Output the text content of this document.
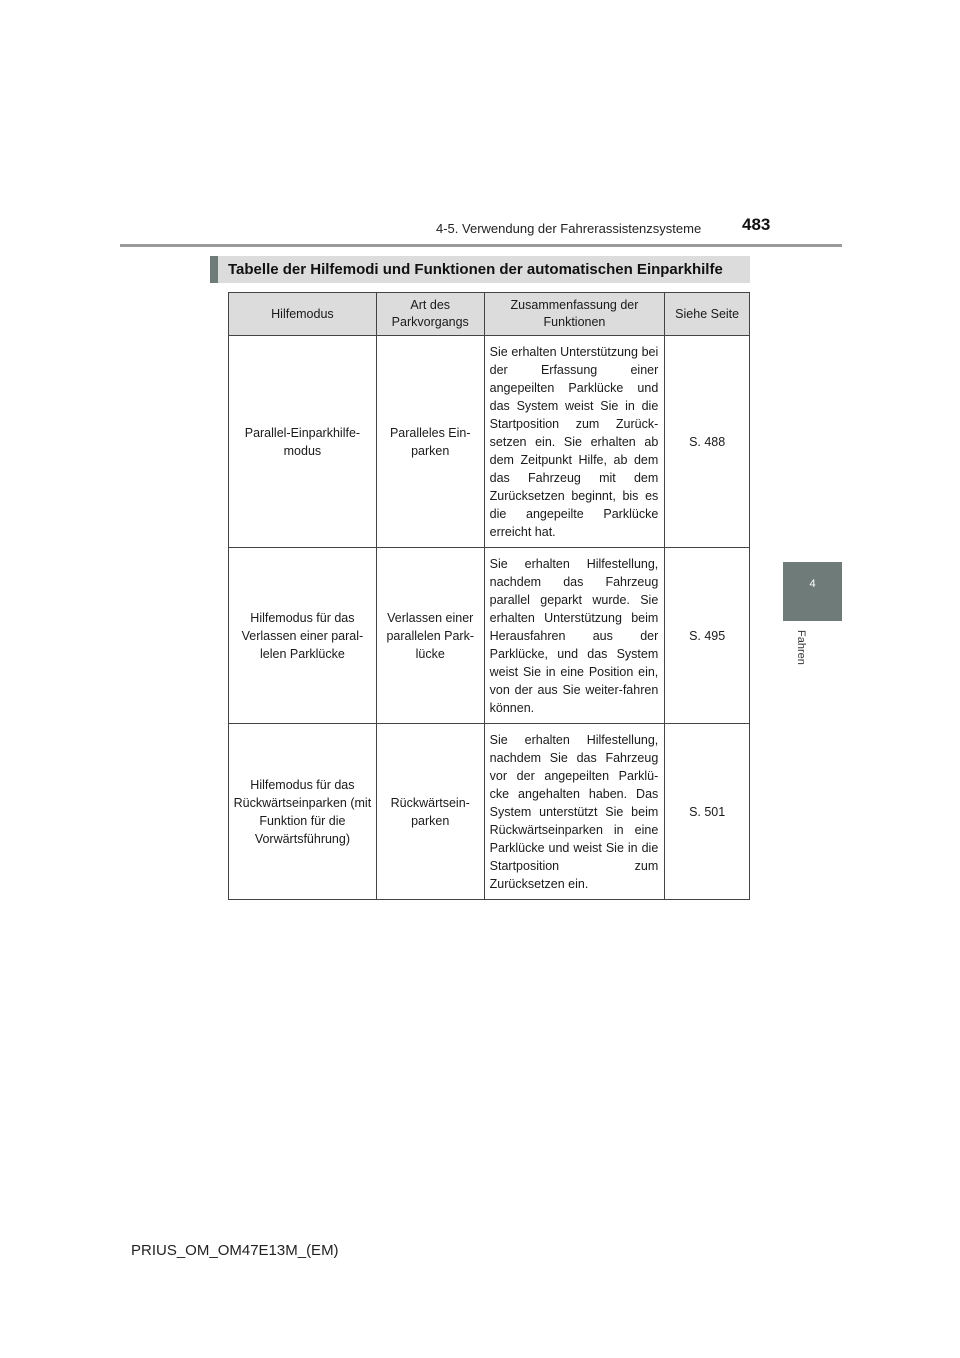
4-5. Verwendung der Fahrerassistenzsysteme 483
4
Fahren
Tabelle der Hilfemodi und Funktionen der automatischen Einparkhilfe
Hilfemodus	Art des Parkvorgangs	Zusammenfassung der Funktionen	Siehe Seite
Parallel-Einparkhilfe-modus	Paralleles Ein-parken	Sie erhalten Unterstützung bei der Erfassung einer angepeilten Parklücke und das System weist Sie in die Startposition zum Zurück-setzen ein. Sie erhalten ab dem Zeitpunkt Hilfe, ab dem das Fahrzeug mit dem Zurücksetzen beginnt, bis es die angepeilte Parklücke erreicht hat.	S. 488
Hilfemodus für das Verlassen einer paral-lelen Parklücke	Verlassen einer parallelen Park-lücke	Sie erhalten Hilfestellung, nachdem das Fahrzeug parallel geparkt wurde. Sie erhalten Unterstützung beim Herausfahren aus der Parklücke, und das System weist Sie in eine Position ein, von der aus Sie weiter-fahren können.	S. 495
Hilfemodus für das Rückwärtseinparken (mit Funktion für die Vorwärtsführung)	Rückwärtsein-parken	Sie erhalten Hilfestellung, nachdem Sie das Fahrzeug vor der angepeilten Parklü-cke angehalten haben. Das System unterstützt Sie beim Rückwärtseinparken in eine Parklücke und weist Sie in die Startposition zum Zurücksetzen ein.	S. 501
PRIUS_OM_OM47E13M_(EM)
